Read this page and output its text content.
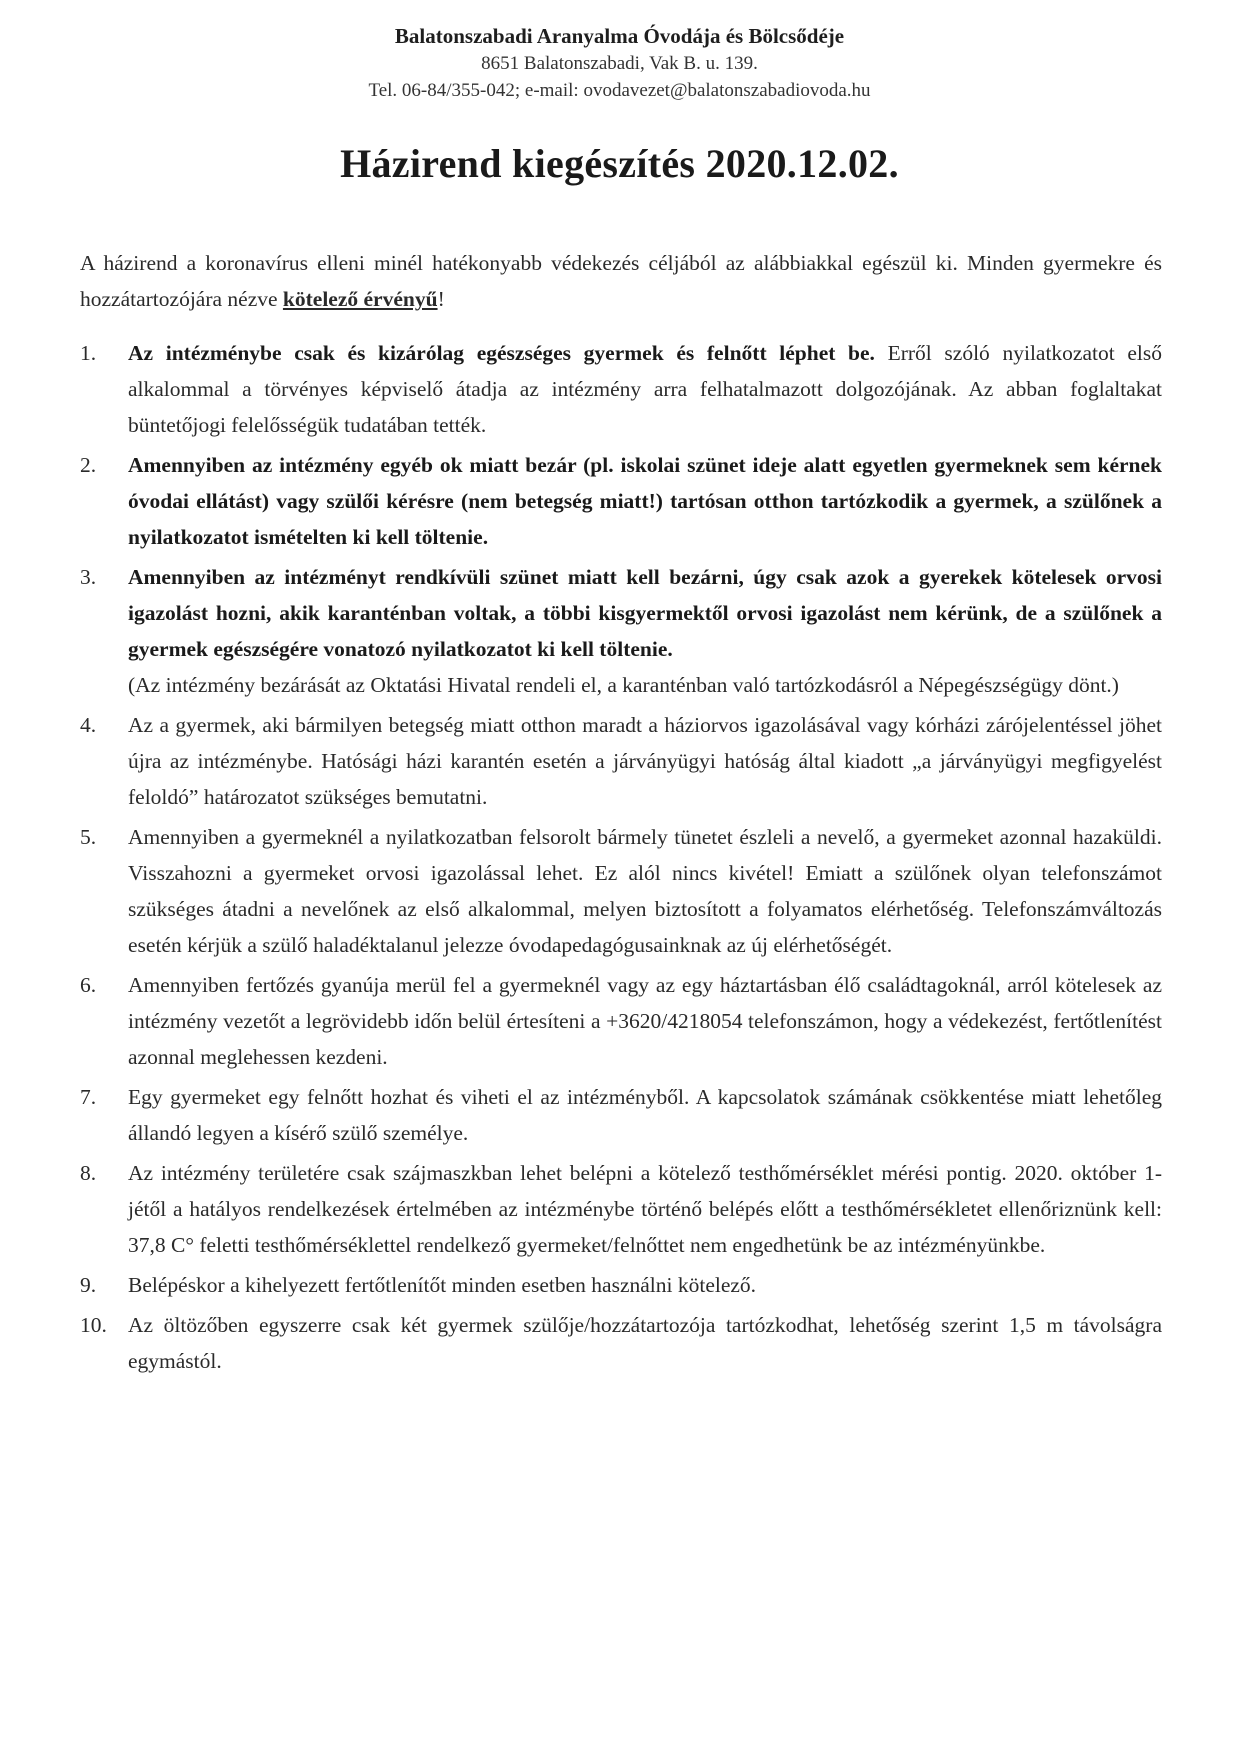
Balatonszabadi Aranyalma Óvodája és Bölcsődéje
8651 Balatonszabadi, Vak B. u. 139.
Tel. 06-84/355-042; e-mail: ovodavezet@balatonszabadiovoda.hu
Házirend kiegészítés 2020.12.02.

A házirend a koronavírus elleni minél hatékonyabb védekezés céljából az alábbiakkal egészül ki. Minden gyermekre és hozzátartozójára nézve kötelező érvényű!

1.	Az intézménybe csak és kizárólag egészséges gyermek és felnőtt léphet be. Erről szóló nyilatkozatot első alkalommal a törvényes képviselő átadja az intézmény arra felhatalmazott dolgozójának. Az abban foglaltakat büntetőjogi felelősségük tudatában tették.
2.	Amennyiben az intézmény egyéb ok miatt bezár (pl. iskolai szünet ideje alatt egyetlen gyermeknek sem kérnek óvodai ellátást) vagy szülői kérésre (nem betegség miatt!) tartósan otthon tartózkodik a gyermek, a szülőnek a nyilatkozatot ismételten ki kell töltenie.
3.	Amennyiben az intézményt rendkívüli szünet miatt kell bezárni, úgy csak azok a gyerekek kötelesek orvosi igazolást hozni, akik karanténban voltak, a többi kisgyermektől orvosi igazolást nem kérünk, de a szülőnek a gyermek egészségére vonatozó nyilatkozatot ki kell töltenie.
(Az intézmény bezárását az Oktatási Hivatal rendeli el, a karanténban való tartózkodásról a Népegészségügy dönt.)
4.	Az a gyermek, aki bármilyen betegség miatt otthon maradt a háziorvos igazolásával vagy kórházi zárójelentéssel jöhet újra az intézménybe. Hatósági házi karantén esetén a járványügyi hatóság által kiadott „a járványügyi megfigyelést feloldó” határozatot szükséges bemutatni.
5.	Amennyiben a gyermeknél a nyilatkozatban felsorolt bármely tünetet észleli a nevelő, a gyermeket azonnal hazaküldi. Visszahozni a gyermeket orvosi igazolással lehet. Ez alól nincs kivétel! Emiatt a szülőnek olyan telefonszámot szükséges átadni a nevelőnek az első alkalommal, melyen biztosított a folyamatos elérhetőség. Telefonszámváltozás esetén kérjük a szülő haladéktalanul jelezze óvodapedagógusainknak az új elérhetőségét.
6.	Amennyiben fertőzés gyanúja merül fel a gyermeknél vagy az egy háztartásban élő családtagoknál, arról kötelesek az intézmény vezetőt a legrövidebb időn belül értesíteni a +3620/4218054 telefonszámon, hogy a védekezést, fertőtlenítést azonnal meglehessen kezdeni.
7.	Egy gyermeket egy felnőtt hozhat és viheti el az intézményből. A kapcsolatok számának csökkentése miatt lehetőleg állandó legyen a kísérő szülő személye.
8.	Az intézmény területére csak szájmaszkban lehet belépni a kötelező testhőmérséklet mérési pontig. 2020. október 1-jétől a hatályos rendelkezések értelmében az intézménybe történő belépés előtt a testhőmérsékletet ellenőriznünk kell: 37,8 C° feletti testhőmérséklettel rendelkező gyermeket/felnőttet nem engedhetünk be az intézményünkbe.
9.	Belépéskor a kihelyezett fertőtlenítőt minden esetben használni kötelező.
10. Az öltözőben egyszerre csak két gyermek szülője/hozzátartozója tartózkodhat, lehetőség szerint 1,5 m távolságra egymástól.
